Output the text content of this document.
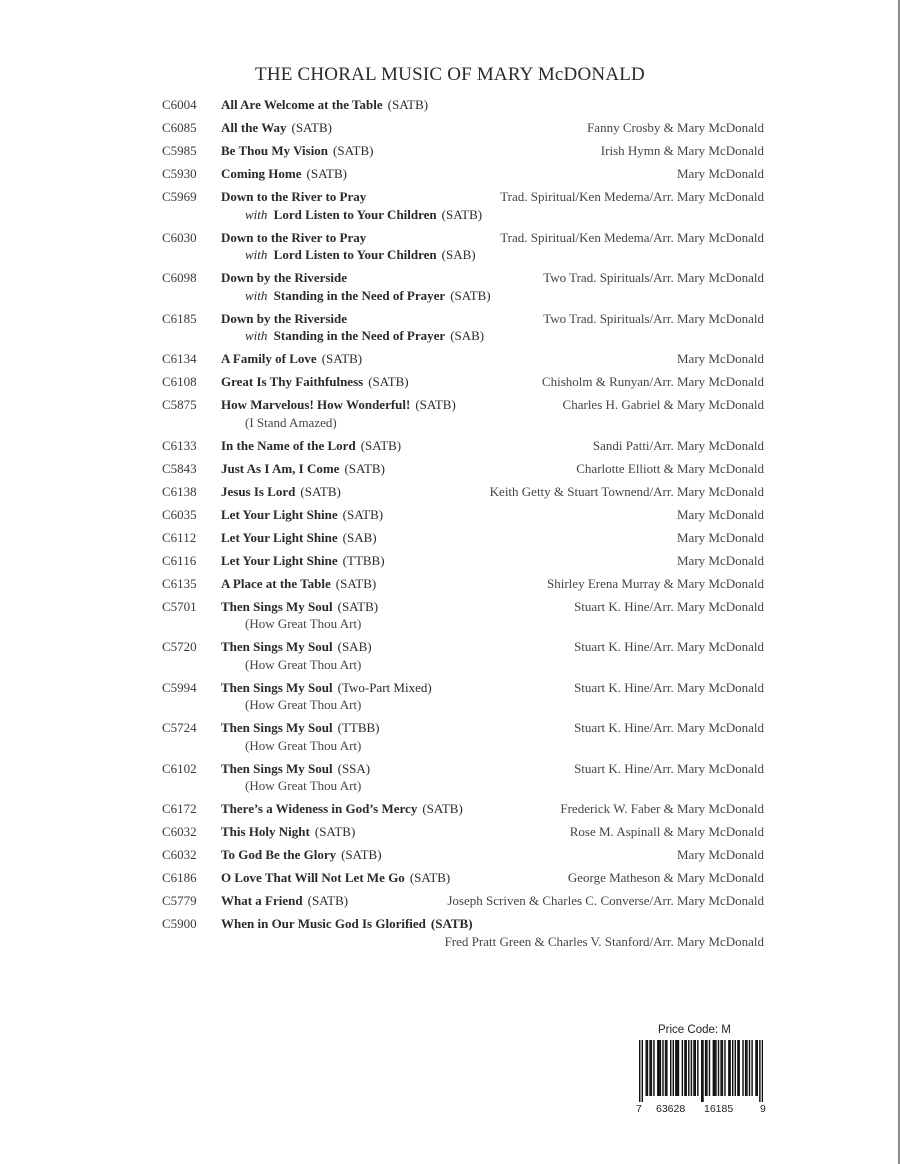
THE CHORAL MUSIC OF MARY McDONALD
C6004	All Are Welcome at the Table (SATB)
C6085	All the Way (SATB)	Fanny Crosby & Mary McDonald
C5985	Be Thou My Vision (SATB)	Irish Hymn & Mary McDonald
C5930	Coming Home (SATB)	Mary McDonald
C5969	Down to the River to Pray	Trad. Spiritual/Ken Medema/Arr. Mary McDonald
with Lord Listen to Your Children (SATB)
C6030	Down to the River to Pray	Trad. Spiritual/Ken Medema/Arr. Mary McDonald
with Lord Listen to Your Children (SAB)
C6098	Down by the Riverside	Two Trad. Spirituals/Arr. Mary McDonald
with Standing in the Need of Prayer (SATB)
C6185	Down by the Riverside	Two Trad. Spirituals/Arr. Mary McDonald
with Standing in the Need of Prayer (SAB)
C6134	A Family of Love (SATB)	Mary McDonald
C6108	Great Is Thy Faithfulness (SATB)	Chisholm & Runyan/Arr. Mary McDonald
C5875	How Marvelous! How Wonderful! (SATB)	Charles H. Gabriel & Mary McDonald
(I Stand Amazed)
C6133	In the Name of the Lord (SATB)	Sandi Patti/Arr. Mary McDonald
C5843	Just As I Am, I Come (SATB)	Charlotte Elliott & Mary McDonald
C6138	Jesus Is Lord (SATB)	Keith Getty & Stuart Townend/Arr. Mary McDonald
C6035	Let Your Light Shine (SATB)	Mary McDonald
C6112	Let Your Light Shine (SAB)	Mary McDonald
C6116	Let Your Light Shine (TTBB)	Mary McDonald
C6135	A Place at the Table (SATB)	Shirley Erena Murray & Mary McDonald
C5701	Then Sings My Soul (SATB)	Stuart K. Hine/Arr. Mary McDonald
(How Great Thou Art)
C5720	Then Sings My Soul (SAB)	Stuart K. Hine/Arr. Mary McDonald
(How Great Thou Art)
C5994	Then Sings My Soul (Two-Part Mixed)	Stuart K. Hine/Arr. Mary McDonald
(How Great Thou Art)
C5724	Then Sings My Soul (TTBB)	Stuart K. Hine/Arr. Mary McDonald
(How Great Thou Art)
C6102	Then Sings My Soul (SSA)	Stuart K. Hine/Arr. Mary McDonald
(How Great Thou Art)
C6172	There’s a Wideness in God’s Mercy (SATB)	Frederick W. Faber & Mary McDonald
C6032	This Holy Night (SATB)	Rose M. Aspinall & Mary McDonald
C6032	To God Be the Glory (SATB)	Mary McDonald
C6186	O Love That Will Not Let Me Go (SATB)	George Matheson & Mary McDonald
C5779	What a Friend (SATB)	Joseph Scriven & Charles C. Converse/Arr. Mary McDonald
C5900	When in Our Music God Is Glorified (SATB)
Fred Pratt Green & Charles V. Stanford/Arr. Mary McDonald
Price Code: M
7 63628 16185	9
